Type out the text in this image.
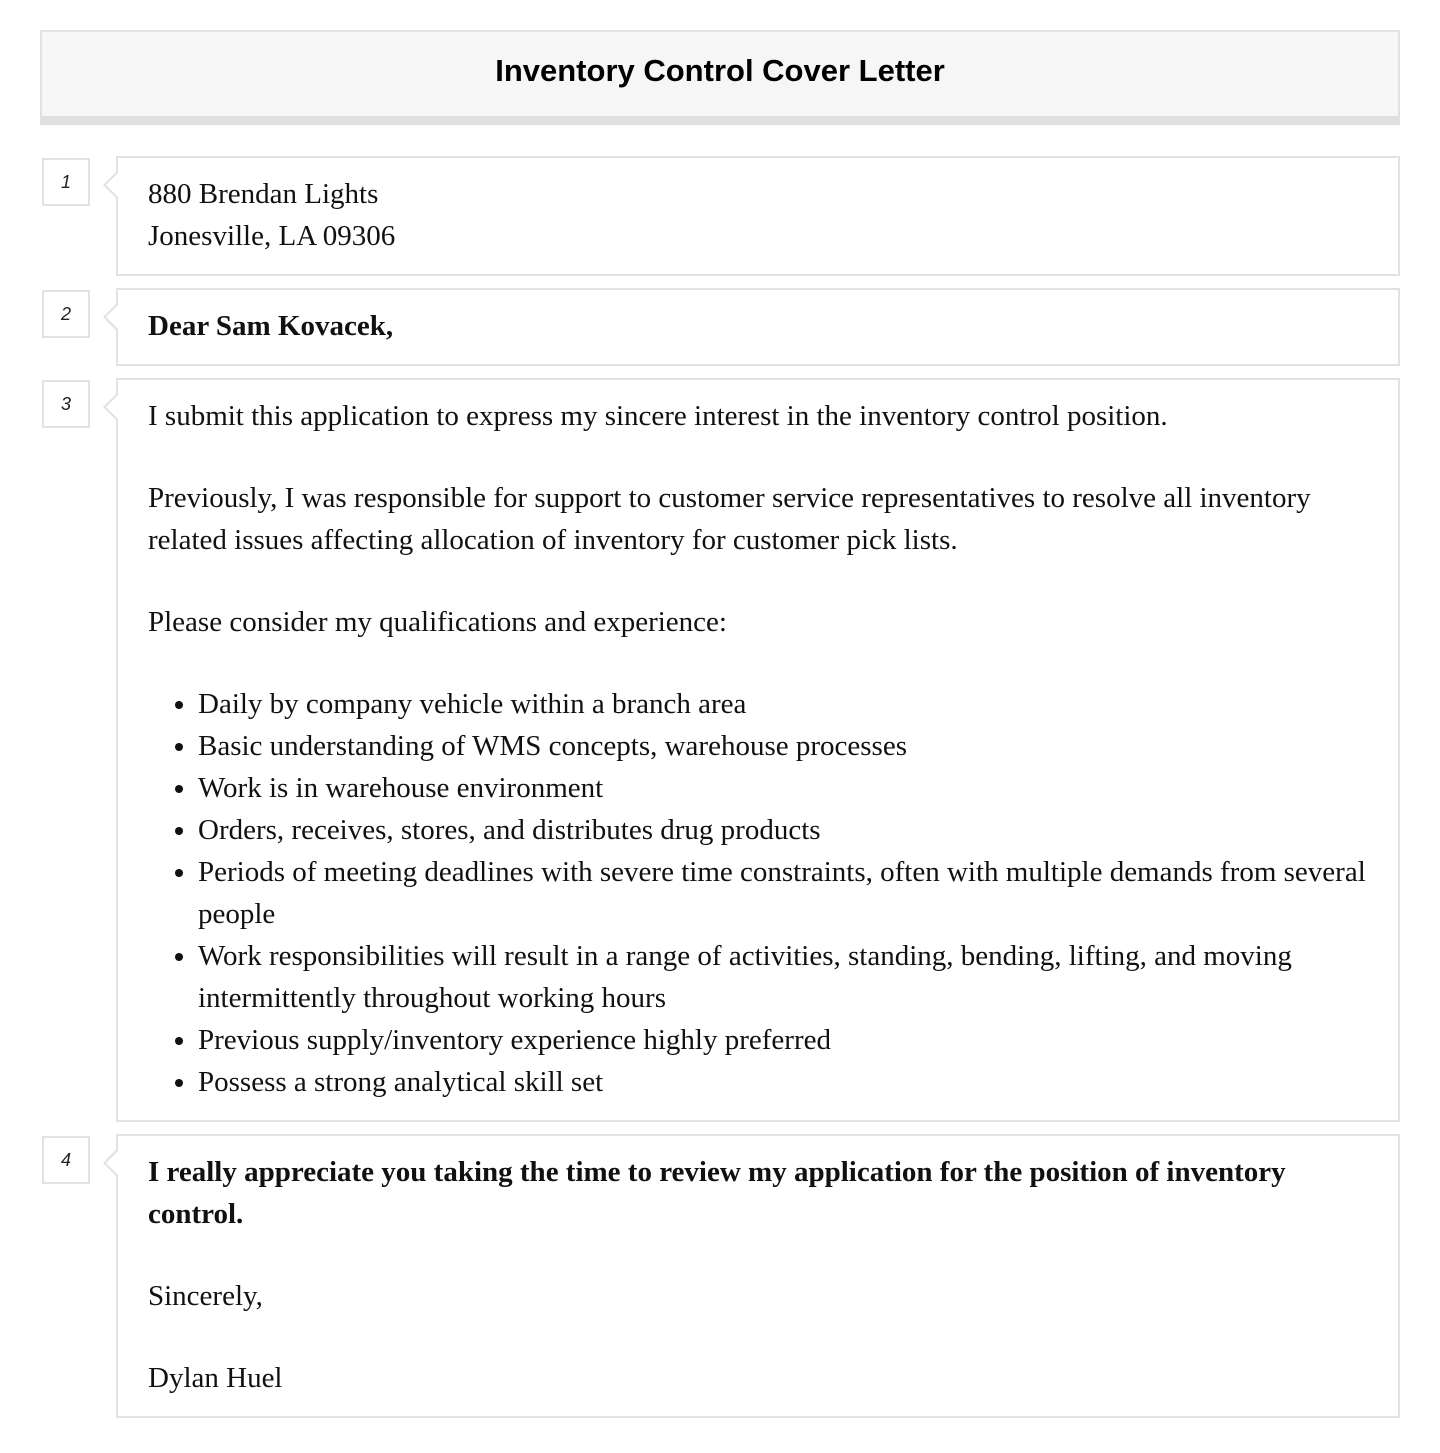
Inventory Control Cover Letter
1	880 Brendan Lights

Jonesville, LA 09306

2	Dear Sam Kovacek,

3	I submit this application to express my sincere interest in the inventory control position.

Previously, I was responsible for support to customer service representatives to resolve all inventory related issues affecting allocation of inventory for customer pick lists.

Please consider my qualifications and experience:

• Daily by company vehicle within a branch area
• Basic understanding of WMS concepts, warehouse processes
• Work is in warehouse environment
• Orders, receives, stores, and distributes drug products
• Periods of meeting deadlines with severe time constraints, often with multiple demands from several people
• Work responsibilities will result in a range of activities, standing, bending, lifting, and moving intermittently throughout working hours
• Previous supply/inventory experience highly preferred
• Possess a strong analytical skill set
4	I really appreciate you taking the time to review my application for the position of inventory control.

Sincerely,

Dylan Huel
